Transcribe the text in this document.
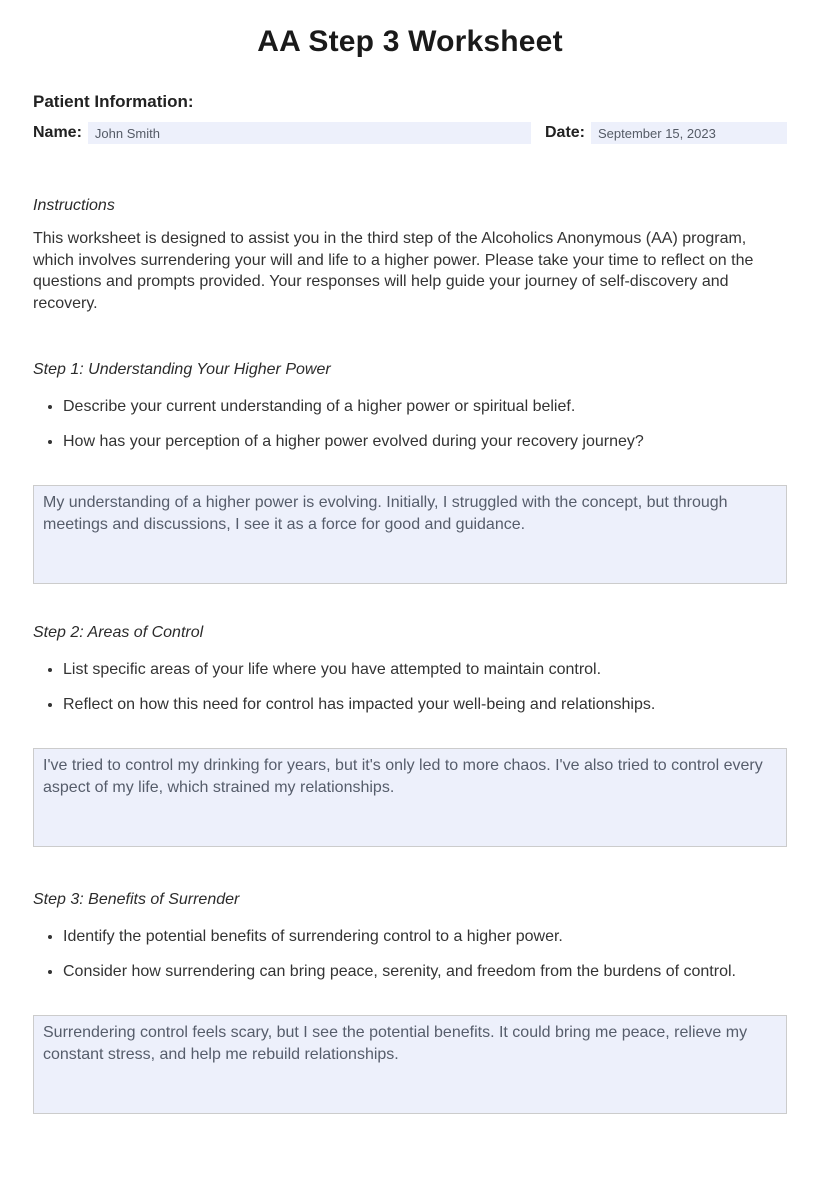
AA Step 3 Worksheet
Patient Information:
Name:
John Smith	Date:
September 15, 2023
Instructions

This worksheet is designed to assist you in the third step of the Alcoholics Anonymous (AA) program, which involves surrendering your will and life to a higher power. Please take your time to reflect on the questions and prompts provided. Your responses will help guide your journey of self-discovery and recovery.

Step 1: Understanding Your Higher Power
• Describe your current understanding of a higher power or spiritual belief.
• How has your perception of a higher power evolved during your recovery journey?
My understanding of a higher power is evolving. Initially, I struggled with the concept, but through meetings and discussions, I see it as a force for good and guidance.
Step 2: Areas of Control
• List specific areas of your life where you have attempted to maintain control.
• Reflect on how this need for control has impacted your well-being and relationships.
I've tried to control my drinking for years, but it's only led to more chaos. I've also tried to control every aspect of my life, which strained my relationships.
Step 3: Benefits of Surrender
• Identify the potential benefits of surrendering control to a higher power.
• Consider how surrendering can bring peace, serenity, and freedom from the burdens of control.
Surrendering control feels scary, but I see the potential benefits. It could bring me peace, relieve my constant stress, and help me rebuild relationships.
